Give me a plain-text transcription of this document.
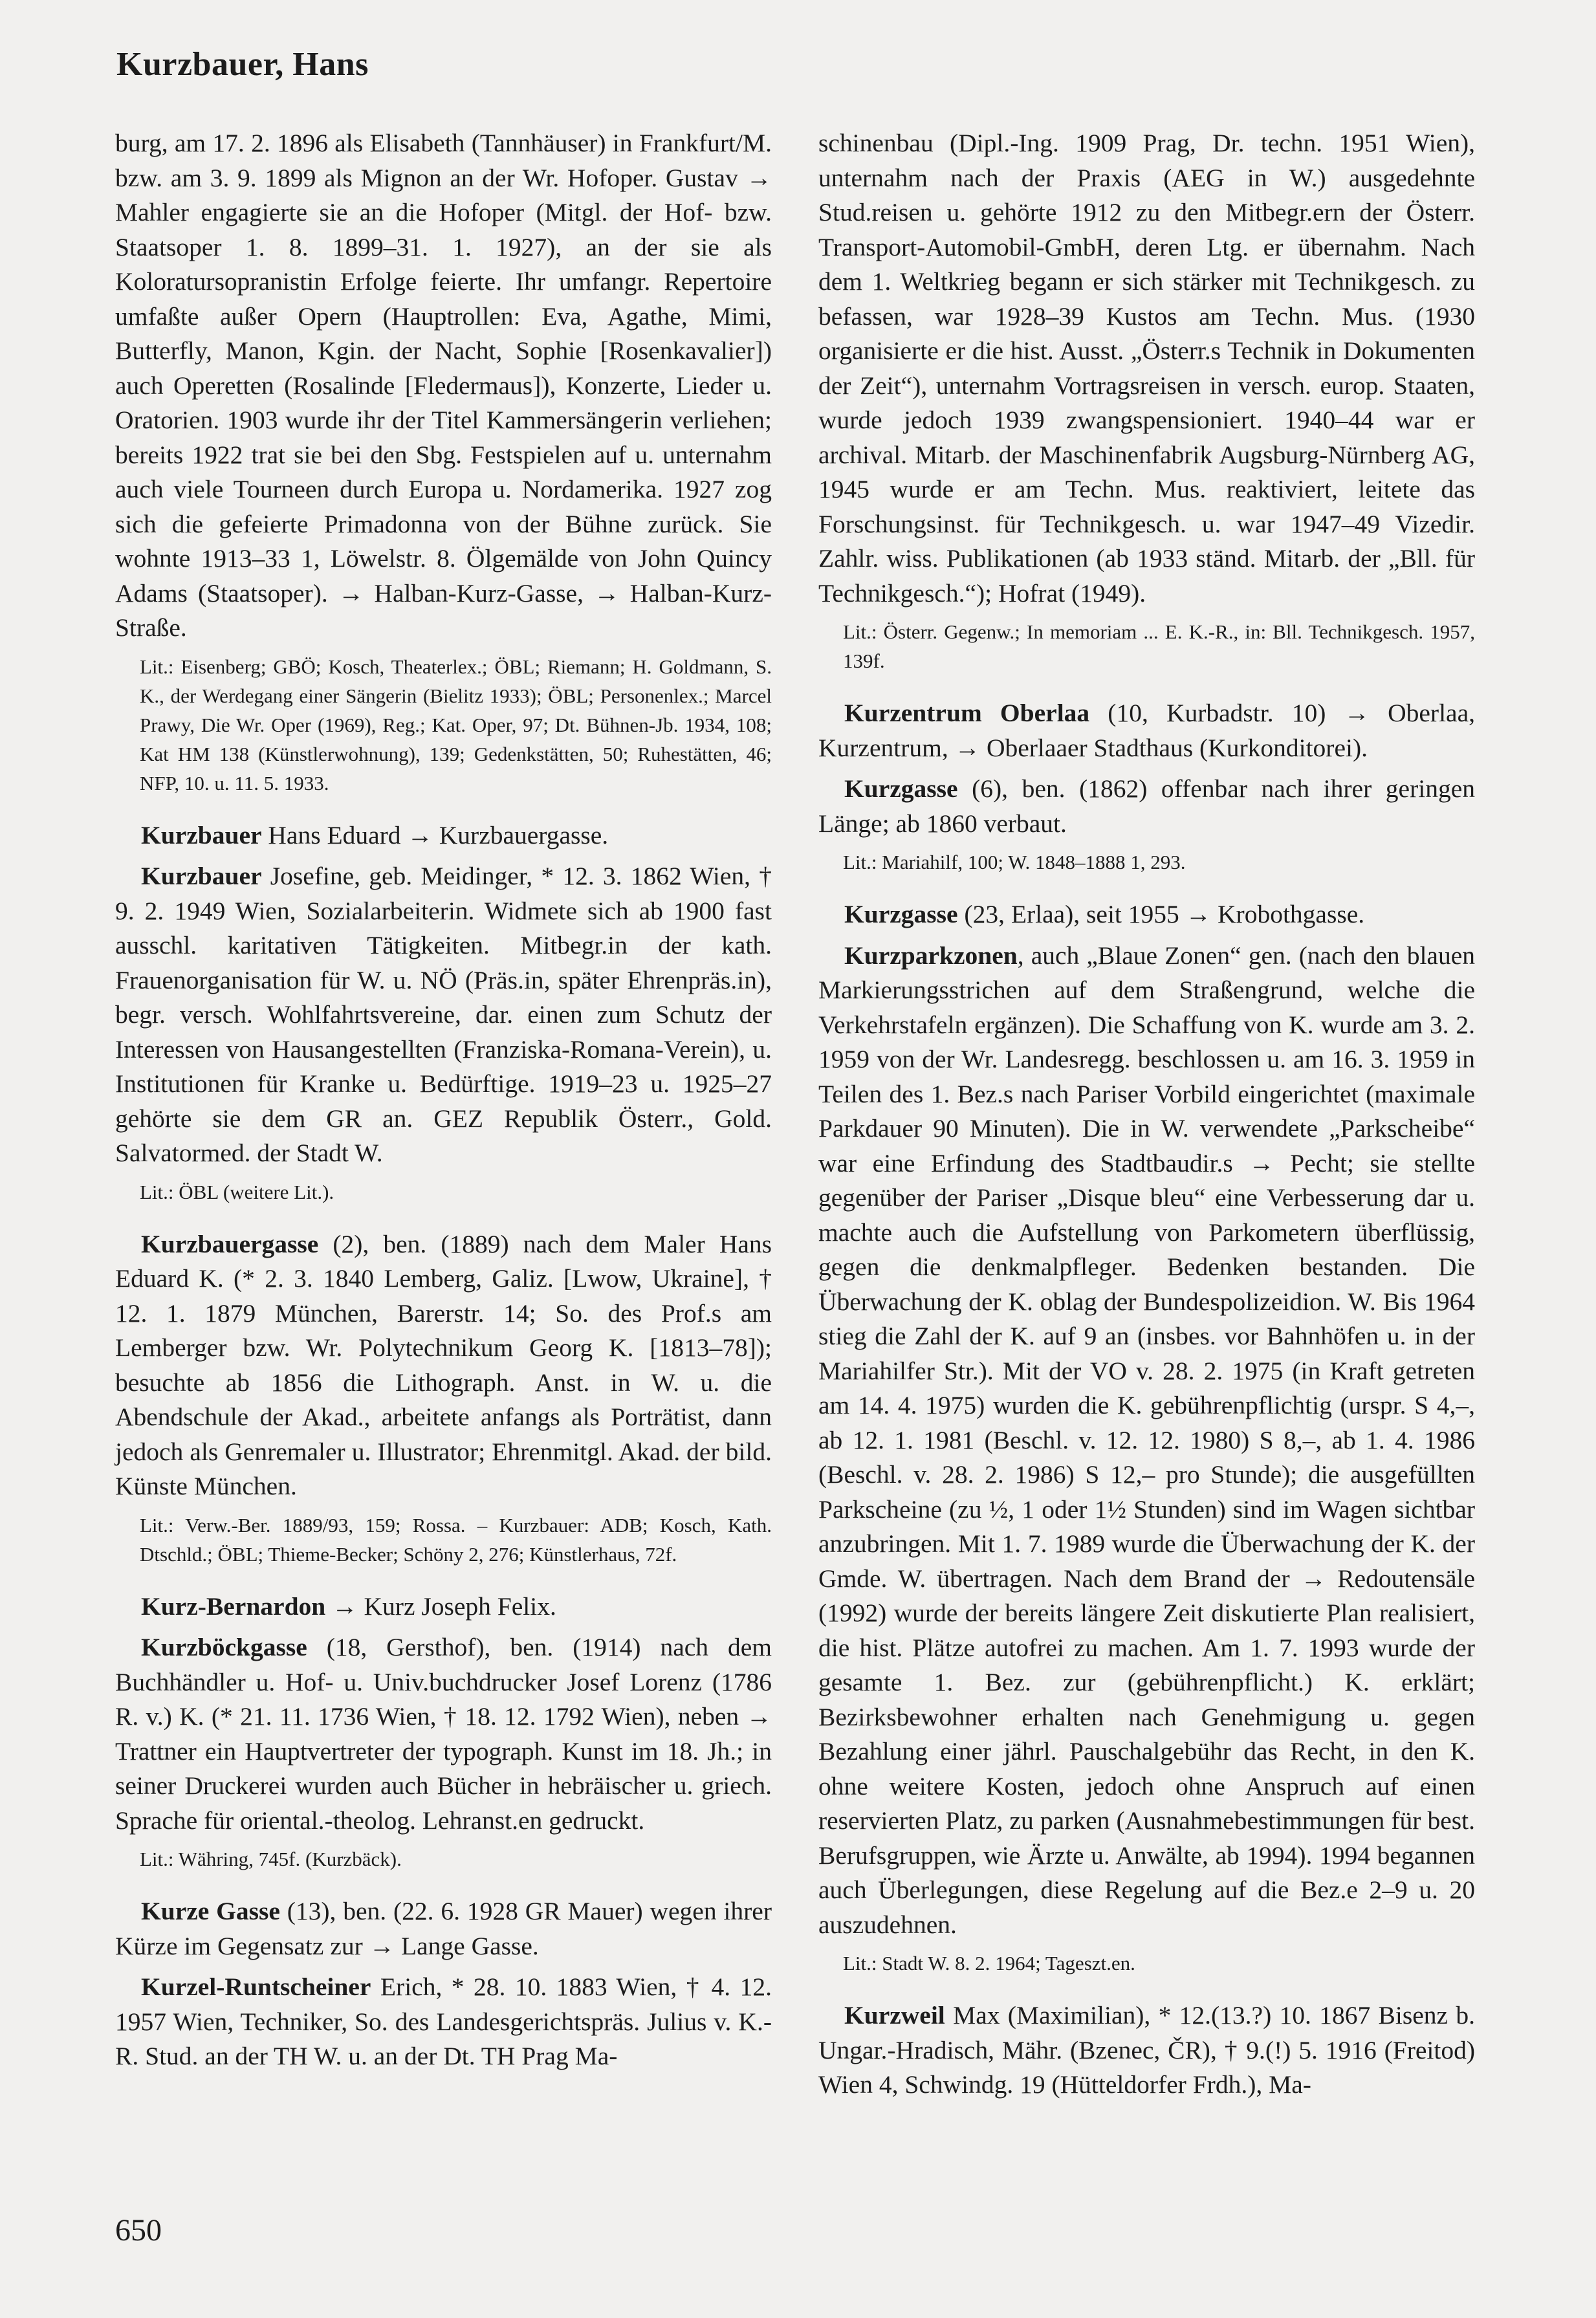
Kurzbauer, Hans

burg, am 17. 2. 1896 als Elisabeth (Tannhäuser) in Frankfurt/M. bzw. am 3. 9. 1899 als Mignon an der Wr. Hofoper. Gustav → Mahler engagierte sie an die Hofoper (Mitgl. der Hof- bzw. Staatsoper 1. 8. 1899–31. 1. 1927), an der sie als Koloratursopranistin Erfolge feierte. Ihr umfangr. Repertoire umfaßte außer Opern (Hauptrollen: Eva, Agathe, Mimi, Butterfly, Manon, Kgin. der Nacht, Sophie [Rosenkavalier]) auch Operetten (Rosalinde [Fledermaus]), Konzerte, Lieder u. Oratorien. 1903 wurde ihr der Titel Kammersängerin verliehen; bereits 1922 trat sie bei den Sbg. Festspielen auf u. unternahm auch viele Tourneen durch Europa u. Nordamerika. 1927 zog sich die gefeierte Primadonna von der Bühne zurück. Sie wohnte 1913–33 1, Löwelstr. 8. Ölgemälde von John Quincy Adams (Staatsoper). → Halban-Kurz-Gasse, → Halban-Kurz-Straße.

Lit.: Eisenberg; GBÖ; Kosch, Theaterlex.; ÖBL; Riemann; H. Goldmann, S. K., der Werdegang einer Sängerin (Bielitz 1933); ÖBL; Personenlex.; Marcel Prawy, Die Wr. Oper (1969), Reg.; Kat. Oper, 97; Dt. Bühnen-Jb. 1934, 108; Kat HM 138 (Künstlerwohnung), 139; Gedenkstätten, 50; Ruhestätten, 46; NFP, 10. u. 11. 5. 1933.

Kurzbauer Hans Eduard → Kurzbauergasse.

Kurzbauer Josefine, geb. Meidinger, * 12. 3. 1862 Wien, † 9. 2. 1949 Wien, Sozialarbeiterin. Widmete sich ab 1900 fast ausschl. karitativen Tätigkeiten. Mitbegr.in der kath. Frauenorganisation für W. u. NÖ (Präs.in, später Ehrenpräs.in), begr. versch. Wohlfahrtsvereine, dar. einen zum Schutz der Interessen von Hausangestellten (Franziska-Romana-Verein), u. Institutionen für Kranke u. Bedürftige. 1919–23 u. 1925–27 gehörte sie dem GR an. GEZ Republik Österr., Gold. Salvatormed. der Stadt W.

Lit.: ÖBL (weitere Lit.).

Kurzbauergasse (2), ben. (1889) nach dem Maler Hans Eduard K. (* 2. 3. 1840 Lemberg, Galiz. [Lwow, Ukraine], † 12. 1. 1879 München, Barerstr. 14; So. des Prof.s am Lemberger bzw. Wr. Polytechnikum Georg K. [1813–78]); besuchte ab 1856 die Lithograph. Anst. in W. u. die Abendschule der Akad., arbeitete anfangs als Porträtist, dann jedoch als Genremaler u. Illustrator; Ehrenmitgl. Akad. der bild. Künste München.

Lit.: Verw.-Ber. 1889/93, 159; Rossa. – Kurzbauer: ADB; Kosch, Kath. Dtschld.; ÖBL; Thieme-Becker; Schöny 2, 276; Künstlerhaus, 72f.

Kurz-Bernardon → Kurz Joseph Felix.

Kurzböckgasse (18, Gersthof), ben. (1914) nach dem Buchhändler u. Hof- u. Univ.buchdrucker Josef Lorenz (1786 R. v.) K. (* 21. 11. 1736 Wien, † 18. 12. 1792 Wien), neben → Trattner ein Hauptvertreter der typograph. Kunst im 18. Jh.; in seiner Druckerei wurden auch Bücher in hebräischer u. griech. Sprache für oriental.-theolog. Lehranst.en gedruckt.

Lit.: Währing, 745f. (Kurzbäck).

Kurze Gasse (13), ben. (22. 6. 1928 GR Mauer) wegen ihrer Kürze im Gegensatz zur → Lange Gasse.

Kurzel-Runtscheiner Erich, * 28. 10. 1883 Wien, † 4. 12. 1957 Wien, Techniker, So. des Landesgerichtspräs. Julius v. K.-R. Stud. an der TH W. u. an der Dt. TH Prag Ma-

schinenbau (Dipl.-Ing. 1909 Prag, Dr. techn. 1951 Wien), unternahm nach der Praxis (AEG in W.) ausgedehnte Stud.reisen u. gehörte 1912 zu den Mitbegr.ern der Österr. Transport-Automobil-GmbH, deren Ltg. er übernahm. Nach dem 1. Weltkrieg begann er sich stärker mit Technikgesch. zu befassen, war 1928–39 Kustos am Techn. Mus. (1930 organisierte er die hist. Ausst. „Österr.s Technik in Dokumenten der Zeit“), unternahm Vortragsreisen in versch. europ. Staaten, wurde jedoch 1939 zwangspensioniert. 1940–44 war er archival. Mitarb. der Maschinenfabrik Augsburg-Nürnberg AG, 1945 wurde er am Techn. Mus. reaktiviert, leitete das Forschungsinst. für Technikgesch. u. war 1947–49 Vizedir. Zahlr. wiss. Publikationen (ab 1933 ständ. Mitarb. der „Bll. für Technikgesch.“); Hofrat (1949).

Lit.: Österr. Gegenw.; In memoriam ... E. K.-R., in: Bll. Technikgesch. 1957, 139f.

Kurzentrum Oberlaa (10, Kurbadstr. 10) → Oberlaa, Kurzentrum, → Oberlaaer Stadthaus (Kurkonditorei).

Kurzgasse (6), ben. (1862) offenbar nach ihrer geringen Länge; ab 1860 verbaut.

Lit.: Mariahilf, 100; W. 1848–1888 1, 293.

Kurzgasse (23, Erlaa), seit 1955 → Krobothgasse.

Kurzparkzonen, auch „Blaue Zonen“ gen. (nach den blauen Markierungsstrichen auf dem Straßengrund, welche die Verkehrstafeln ergänzen). Die Schaffung von K. wurde am 3. 2. 1959 von der Wr. Landesregg. beschlossen u. am 16. 3. 1959 in Teilen des 1. Bez.s nach Pariser Vorbild eingerichtet (maximale Parkdauer 90 Minuten). Die in W. verwendete „Parkscheibe“ war eine Erfindung des Stadtbaudir.s → Pecht; sie stellte gegenüber der Pariser „Disque bleu“ eine Verbesserung dar u. machte auch die Aufstellung von Parkometern überflüssig, gegen die denkmalpfleger. Bedenken bestanden. Die Überwachung der K. oblag der Bundespolizeidion. W. Bis 1964 stieg die Zahl der K. auf 9 an (insbes. vor Bahnhöfen u. in der Mariahilfer Str.). Mit der VO v. 28. 2. 1975 (in Kraft getreten am 14. 4. 1975) wurden die K. gebührenpflichtig (urspr. S 4,–, ab 12. 1. 1981 (Beschl. v. 12. 12. 1980) S 8,–, ab 1. 4. 1986 (Beschl. v. 28. 2. 1986) S 12,– pro Stunde); die ausgefüllten Parkscheine (zu ½, 1 oder 1½ Stunden) sind im Wagen sichtbar anzubringen. Mit 1. 7. 1989 wurde die Überwachung der K. der Gmde. W. übertragen. Nach dem Brand der → Redoutensäle (1992) wurde der bereits längere Zeit diskutierte Plan realisiert, die hist. Plätze autofrei zu machen. Am 1. 7. 1993 wurde der gesamte 1. Bez. zur (gebührenpflicht.) K. erklärt; Bezirksbewohner erhalten nach Genehmigung u. gegen Bezahlung einer jährl. Pauschalgebühr das Recht, in den K. ohne weitere Kosten, jedoch ohne Anspruch auf einen reservierten Platz, zu parken (Ausnahmebestimmungen für best. Berufsgruppen, wie Ärzte u. Anwälte, ab 1994). 1994 begannen auch Überlegungen, diese Regelung auf die Bez.e 2–9 u. 20 auszudehnen.

Lit.: Stadt W. 8. 2. 1964; Tageszt.en.

Kurzweil Max (Maximilian), * 12.(13.?) 10. 1867 Bisenz b. Ungar.-Hradisch, Mähr. (Bzenec, ČR), † 9.(!) 5. 1916 (Freitod) Wien 4, Schwindg. 19 (Hütteldorfer Frdh.), Ma-

650
